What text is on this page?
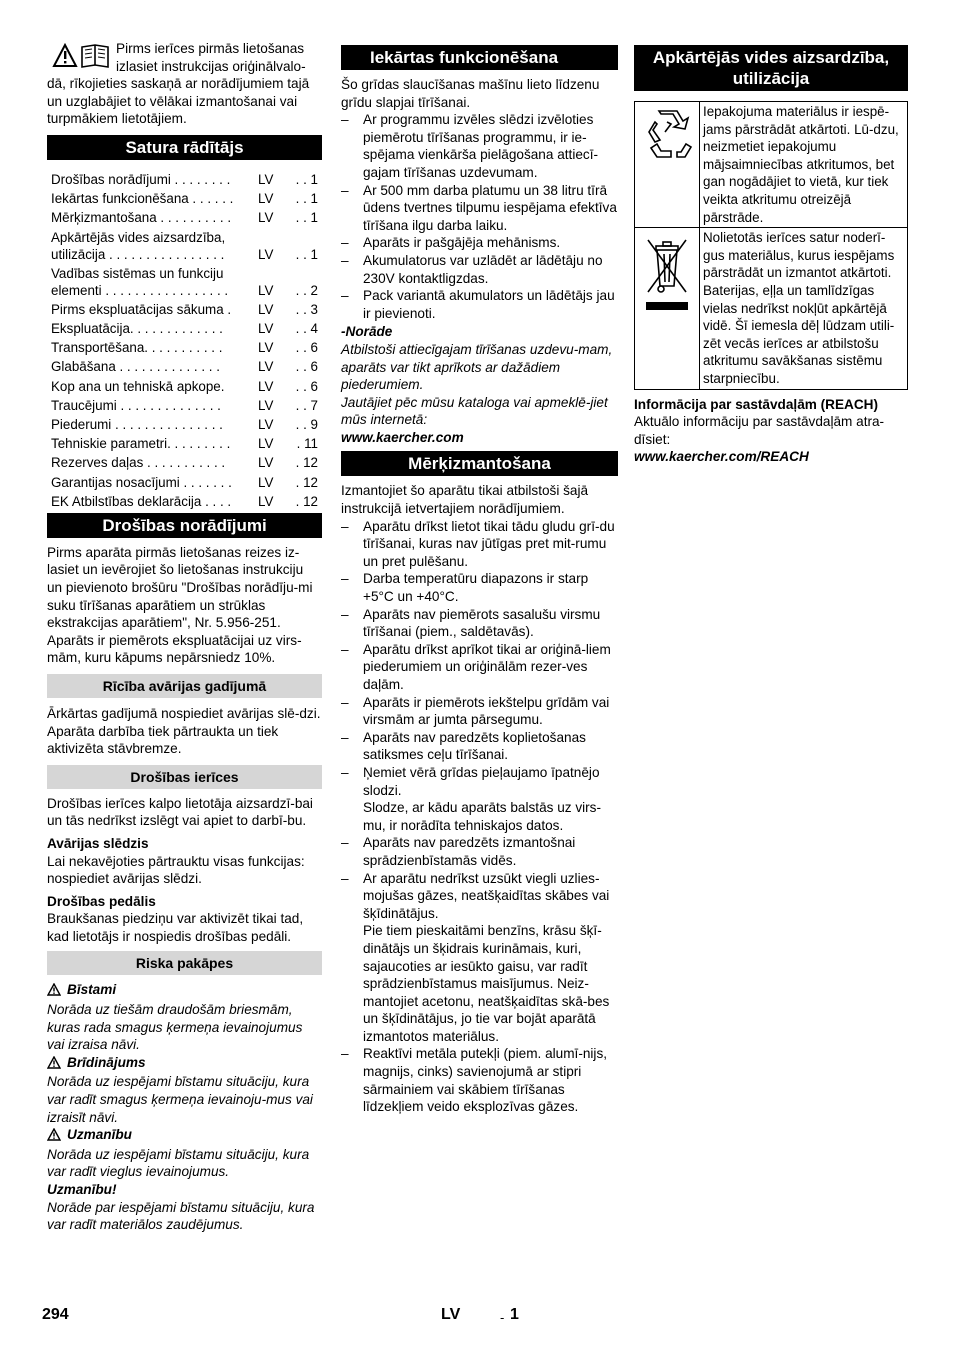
Pirms ierīces pirmās lietošanas

izlasiet instrukcijas oriģinālvalo-

dā, rīkojieties saskaņā ar norādījumiem tajā un uzglabājiet to vēlākai izmantošanai vai turpmākiem lietotājiem.

Satura rādītājs
Drošības norādījumi . . . . . . . .	LV	. . 1
Iekārtas funkcionēšana . . . . . .	LV	. . 1
Mērķizmantošana . . . . . . . . . .	LV	. . 1
Apkārtējās vides aizsardzība,
utilizācija . . . . . . . . . . . . . . . .	LV	. . 1
Vadības sistēmas un funkciju
elementi . . . . . . . . . . . . . . . . .	LV	. . 2
Pirms ekspluatācijas sākuma .	LV	. . 3
Ekspluatācija. . . . . . . . . . . . .	LV	. . 4
Transportēšana. . . . . . . . . . .	LV	. . 6
Glabāšana . . . . . . . . . . . . . .	LV	. . 6
Kop ana un tehniskā apkope.	LV	. . 6
Traucējumi . . . . . . . . . . . . . .	LV	. . 7
Piederumi . . . . . . . . . . . . . . .	LV	. . 9
Tehniskie parametri. . . . . . . . .	LV	. 11
Rezerves daļas . . . . . . . . . . .	LV	. 12
Garantijas nosacījumi . . . . . . .	LV	. 12
EK Atbilstības deklarācija . . . .	LV	. 12
Drošības norādījumi

Pirms aparāta pirmās lietošanas reizes iz-lasiet un ievērojiet šo lietošanas instrukciju un pievienoto brošūru "Drošības norādīju-mi suku tīrīšanas aparātiem un strūklas ekstrakcijas aparātiem", Nr. 5.956-251. Aparāts ir piemērots ekspluatācijai uz virs-mām, kuru kāpums nepārsniedz 10%.

Rīcība avārijas gadījumā

Ārkārtas gadījumā nospiediet avārijas slē-dzi. Aparāta darbība tiek pārtraukta un tiek aktivizēta stāvbremze.

Drošības ierīces

Drošības ierīces kalpo lietotāja aizsardzī-bai un tās nedrīkst izslēgt vai apiet to darbī-bu.

Avārijas slēdzis

Lai nekavējoties pārtrauktu visas funkcijas: nospiediet avārijas slēdzi.

Drošības pedālis

Braukšanas piedziņu var aktivizēt tikai tad, kad lietotājs ir nospiedis drošības pedāli.

Riska pakāpes

Bīstami

Norāda uz tiešām draudošām briesmām, kuras rada smagus ķermeņa ievainojumus vai izraisa nāvi.

Brīdinājums

Norāda uz iespējami bīstamu situāciju, kura var radīt smagus ķermeņa ievainoju-mus vai izraisīt nāvi.

Uzmanību

Norāda uz iespējami bīstamu situāciju, kura var radīt vieglus ievainojumus.

Uzmanību!

Norāde par iespējami bīstamu situāciju, kura var radīt materiālos zaudējumus.

Iekārtas funkcionēšana

Šo grīdas slaucīšanas mašīnu lieto līdzenu grīdu slapjai tīrīšanai.

– Ar programmu izvēles slēdzi izvēloties piemērotu tīrīšanas programmu, ir ie-spējama vienkārša pielāgošana attiecī-gajam tīrīšanas uzdevumam.
– Ar 500 mm darba platumu un 38 litru tīrā ūdens tvertnes tilpumu iespējama efektīva tīrīšana ilgu darba laiku.
– Aparāts ir pašgājēja mehānisms.
– Akumulatorus var uzlādēt ar lādētāju no 230V kontaktligzdas.
– Pack variantā akumulators un lādētājs jau ir pievienoti.

-Norāde

Atbilstoši attiecīgajam tīrīšanas uzdevu-mam, aparāts var tikt aprīkots ar dažādiem piederumiem.

Jautājiet pēc mūsu kataloga vai apmeklē-jiet mūs internetā:

www.kaercher.com

Mērķizmantošana

Izmantojiet šo aparātu tikai atbilstoši šajā instrukcijā ietvertajiem norādījumiem.

– Aparātu drīkst lietot tikai tādu gludu grī-du tīrīšanai, kuras nav jūtīgas pret mit-rumu un pret pulēšanu.
– Darba temperatūru diapazons ir starp +5°C un +40°C.
– Aparāts nav piemērots sasalušu virsmu tīrīšanai (piem., saldētavās).
– Aparātu drīkst aprīkot tikai ar oriģinā-liem piederumiem un oriģinālām rezer-ves daļām.
– Aparāts ir piemērots iekštelpu grīdām vai virsmām ar jumta pārsegumu.
– Aparāts nav paredzēts koplietošanas satiksmes ceļu tīrīšanai.
– Ņemiet vērā grīdas pieļaujamo īpatnējo slodzi.
Slodze, ar kādu aparāts balstās uz virs-mu, ir norādīta tehniskajos datos.
– Aparāts nav paredzēts izmantošnai sprādzienbīstamās vidēs.
– Ar aparātu nedrīkst uzsūkt viegli uzlies-mojušas gāzes, neatšķaidītas skābes vai šķīdinātājus.
Pie tiem pieskaitāmi benzīns, krāsu šķī-dinātājs un šķidrais kurināmais, kuri, sajaucoties ar iesūkto gaisu, var radīt sprādzienbīstamus maisījumus. Neiz-mantojiet acetonu, neatšķaidītas skā-bes un šķīdinātājus, jo tie var bojāt aparātā izmantotos materiālus.
– Reaktīvi metāla putekļi (piem. alumī-nijs, magnijs, cinks) savienojumā ar stipri sārmainiem vai skābiem tīrīšanas līdzekļiem veido eksplozīvas gāzes.
Apkārtējās vides aizsardzība,
utilizācija
	Iepakojuma materiālus ir iespē-jams pārstrādāt atkārtoti. Lū-dzu, neizmetiet iepakojumu mājsaimniecības atkritumos, bet gan nogādājiet to vietā, kur tiek veikta atkritumu otreizējā pārstrāde.
	Nolietotās ierīces satur noderī-gus materiālus, kurus iespējams pārstrādāt un izmantot atkārtoti. Baterijas, eļļa un tamlīdzīgas vielas nedrīkst nokļūt apkārtējā vidē. Šī iemesla dēļ lūdzam utili-zēt vecās ierīces ar atbilstošu atkritumu savākšanas sistēmu starpniecību.

Informācija par sastāvdaļām (REACH)

Aktuālo informāciju par sastāvdaļām atra-dīsiet:

www.kaercher.com/REACH

294	LV	- 1
